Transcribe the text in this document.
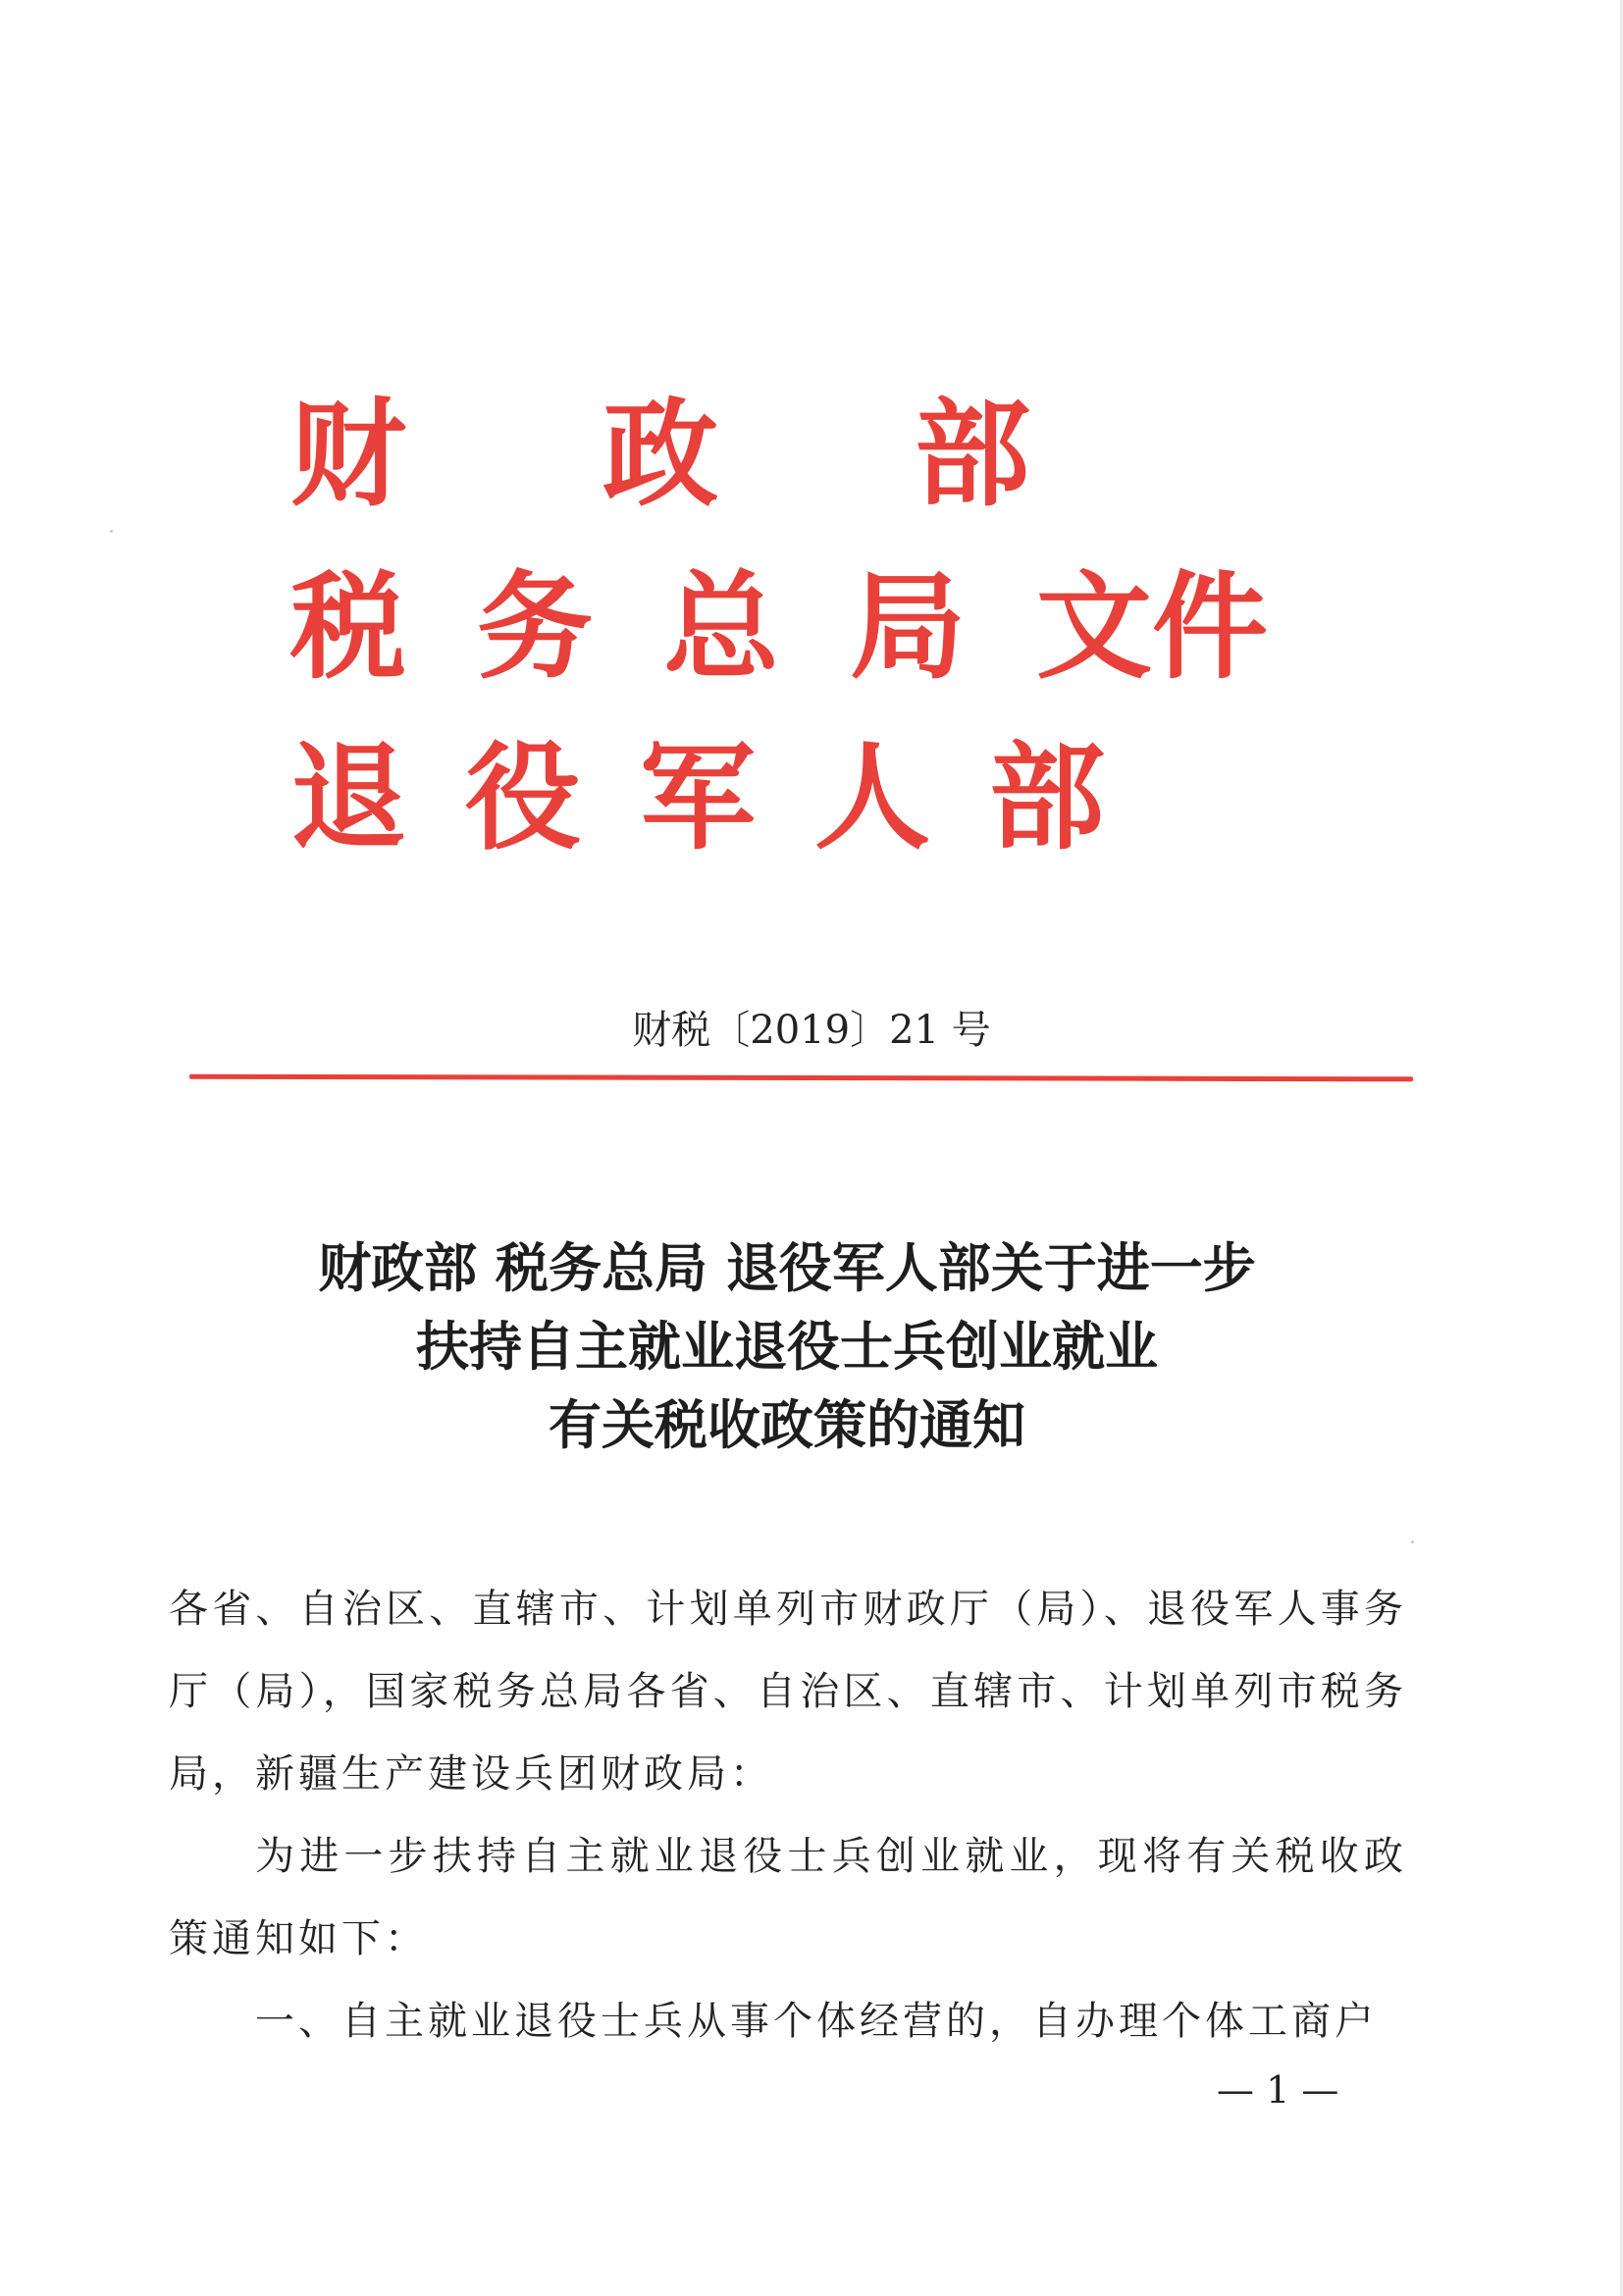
财政部
税务总局文件
退役军人部
财税〔2019〕21 号
财政部 税务总局 退役军人部关于进一步
扶持自主就业退役士兵创业就业
有关税收政策的通知

各省、自治区、直辖市、计划单列市财政厅（局）、退役军人事务厅（局），国家税务总局各省、自治区、直辖市、计划单列市税务局，新疆生产建设兵团财政局：

为进一步扶持自主就业退役士兵创业就业，现将有关税收政策通知如下：

一、自主就业退役士兵从事个体经营的，自办理个体工商户

— 1 —
